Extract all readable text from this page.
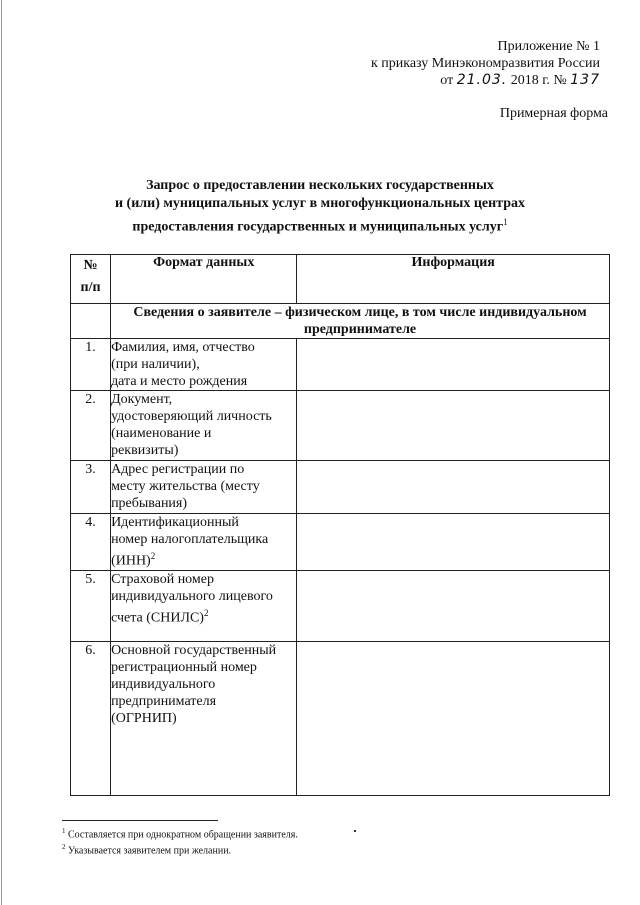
Приложение № 1
к приказу Минэкономразвития России
от 21.03. 2018 г. № 137
Примерная форма
Запрос о предоставлении нескольких государственных
и (или) муниципальных услуг в многофункциональных центрах
предоставления государственных и муниципальных услуг$^1$
№
п/п	Формат данных	Информация
	Сведения о заявителе – физическом лице, в том числе индивидуальном предпринимателе	
1.	Фамилия, имя, отчество
(при наличии),
дата и место рождения	

2.	Документ,
удостоверяющий личность
(наименование и
реквизиты)	

3.	Адрес регистрации по
месту жительства (месту
пребывания)	

4.	Идентификационный
номер налогоплательщика
(ИНН)$^2$

5.	Страховой номер
индивидуального лицевого
счета (СНИЛС)$^2$

6.	Основной государственный
регистрационный номер
индивидуального
предпринимателя
(ОГРНИП)	

$^1$ Составляется при однократном обращении заявителя.
$^2$ Указывается заявителем при желании.
